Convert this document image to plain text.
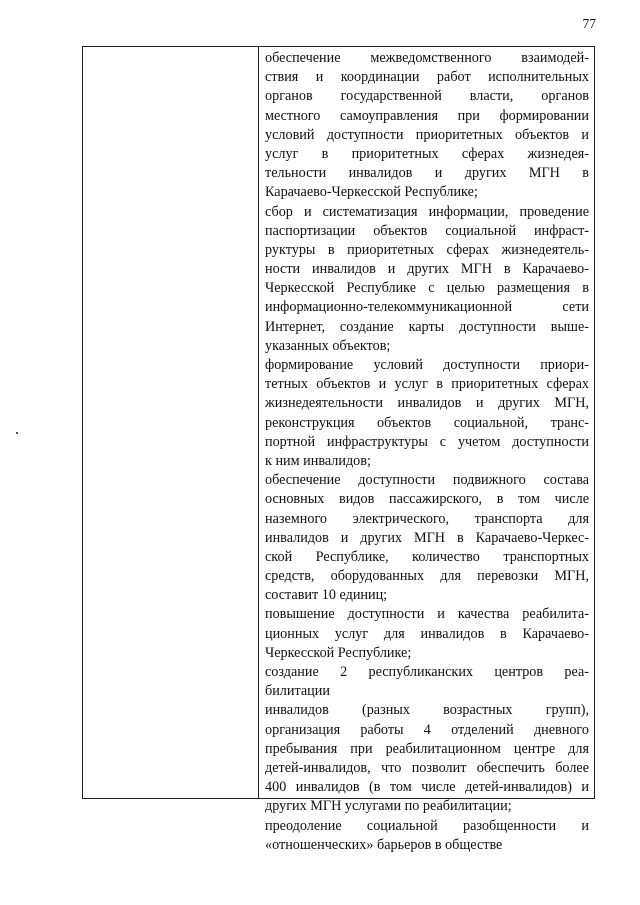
77
обеспечение межведомственного взаимодей-
ствия и координации работ исполнительных
органов государственной власти, органов
местного самоуправления при формировании
условий доступности приоритетных объектов и
услуг в приоритетных сферах жизнедея-
тельности инвалидов и других МГН в
Карачаево-Черкесской Республике;
сбор и систематизация информации, проведение
паспортизации объектов социальной инфраст-
руктуры в приоритетных сферах жизнедеятель-
ности инвалидов и других МГН в Карачаево-
Черкесской Республике с целью размещения в
информационно-телекоммуникационной сети
Интернет, создание карты доступности выше-
указанных объектов;
формирование условий доступности приори-
тетных объектов и услуг в приоритетных сферах
жизнедеятельности инвалидов и других МГН,
реконструкция объектов социальной, транс-
портной инфраструктуры с учетом доступности
к ним инвалидов;
обеспечение доступности подвижного состава
основных видов пассажирского, в том числе
наземного электрического, транспорта для
инвалидов и других МГН в Карачаево-Черкес-
ской Республике, количество транспортных
средств, оборудованных для перевозки МГН,
составит 10 единиц;
повышение доступности и качества реабилита-
ционных услуг для инвалидов в Карачаево-
Черкесской Республике;
создание 2 республиканских центров реа-
билитации
инвалидов (разных возрастных групп),
организация работы 4 отделений дневного
пребывания при реабилитационном центре для
детей-инвалидов, что позволит обеспечить более
400 инвалидов (в том числе детей-инвалидов) и
других МГН услугами по реабилитации;
преодоление социальной разобщенности и
«отношенческих» барьеров в обществе
